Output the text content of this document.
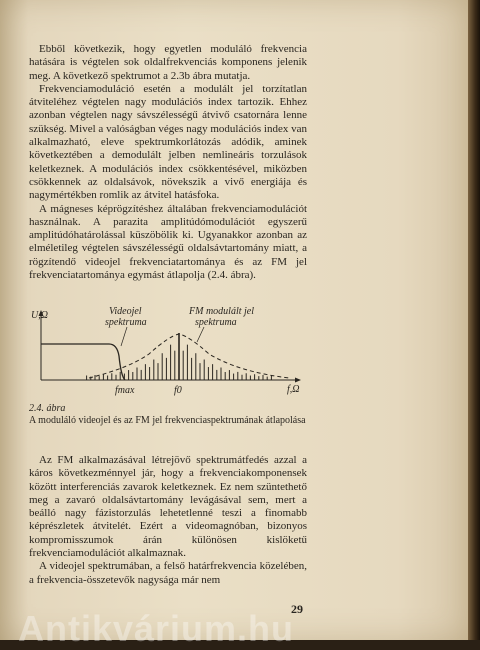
Ebből következik, hogy egyetlen moduláló frekvencia hatására is végtelen sok oldalfrekvenciás komponens jelenik meg. A következő spektrumot a 2.3b ábra mutatja.

Frekvenciamoduláció esetén a modulált jel torzítatlan átviteléhez végtelen nagy modulációs index tartozik. Ehhez azonban végtelen nagy sávszélességű átvivő csatornára lenne szükség. Mivel a valóságban véges nagy modulációs index van alkalmazható, eleve spektrumkorlátozás adódik, aminek következtében a demodulált jelben nemlineáris torzulások keletkeznek. A modulációs index csökkentésével, miközben csökkennek az oldalsávok, növekszik a vivő energiája és nagymértékben romlik az átvitel hatásfoka.

A mágneses képrögzítéshez általában frekvenciamodulációt használnak. A parazita amplitúdómodulációt egyszerű amplitúdóhatárolással küszöbölik ki. Ugyanakkor azonban az elméletileg végtelen sávszélességű oldalsávtartomány miatt, a rögzítendő videojel frekvenciatartománya és az FM jel frekvenciatartománya egymást átlapolja (2.4. ábra).

U,Ω
f,Ω
Videojel
spektruma
FM modulált jel
spektruma
fmax	f0
2.4. ábra
A moduláló videojel és az FM jel frekvenciaspektrumának átlapolása

Az FM alkalmazásával létrejövő spektrumátfedés azzal a káros következménnyel jár, hogy a frekvenciakomponensek között interferenciás zavarok keletkeznek. Ez nem szüntethető meg a zavaró oldalsávtartomány levágásával sem, mert a beálló nagy fázistorzulás lehetetlenné teszi a finomabb képrészletek átvitelét. Ezért a videomagnóban, bizonyos kompromisszumok árán különösen kislöketű frekvenciamodulációt alkalmaznak.

A videojel spektrumában, a felső határfrekvencia közelében, a frekvencia-összetevők nagysága már nem

29
Antikvárium.hu
